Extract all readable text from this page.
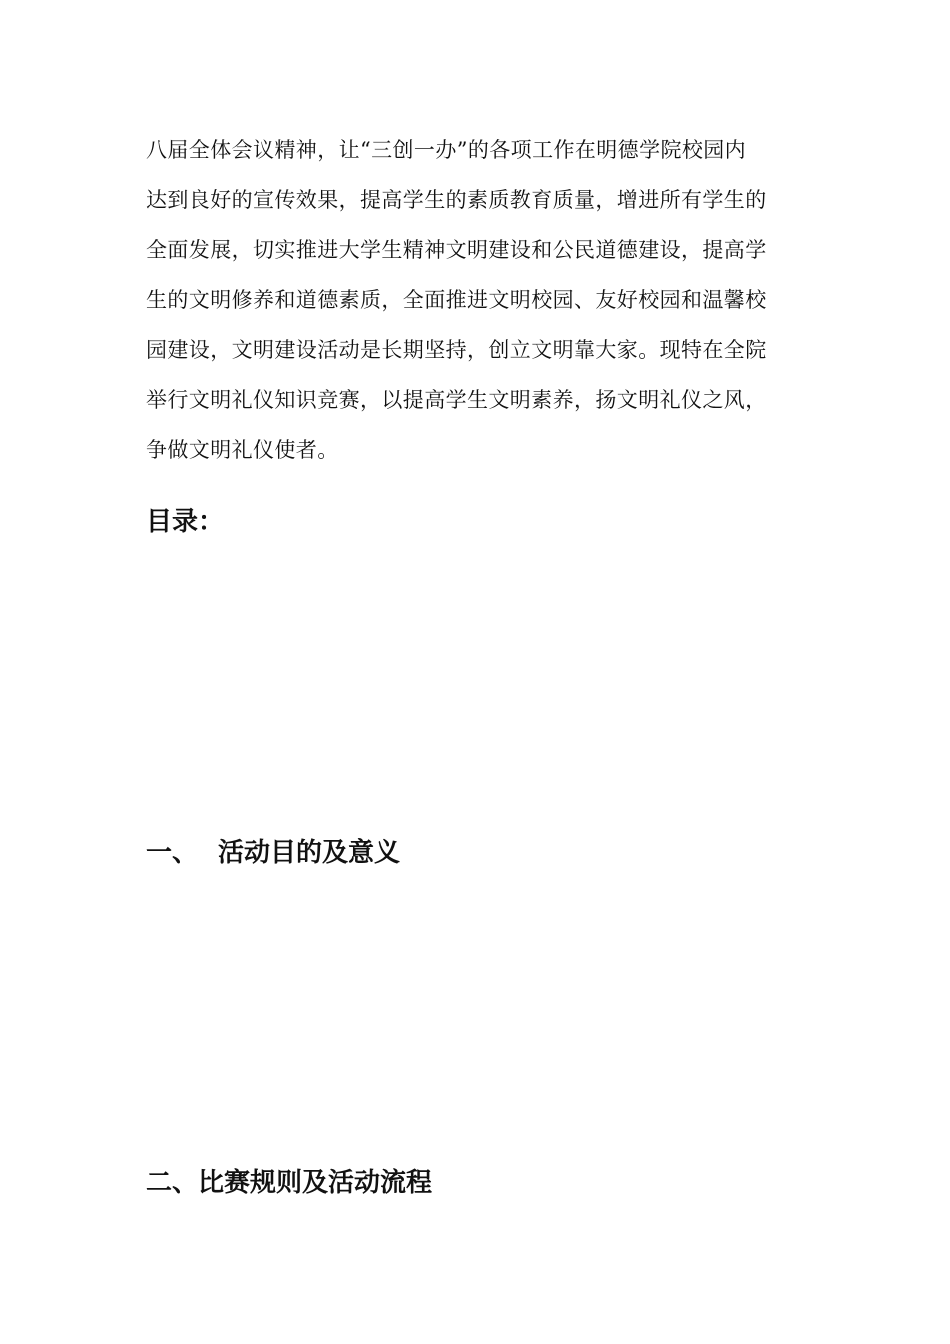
八届全体会议精神，让“三创一办”的各项工作在明德学院校园内
达到良好的宣传效果，提高学生的素质教育质量，增进所有学生的
全面发展，切实推进大学生精神文明建设和公民道德建设，提高学
生的文明修养和道德素质，全面推进文明校园、友好校园和温馨校
园建设，文明建设活动是长期坚持，创立文明靠大家。现特在全院
举行文明礼仪知识竞赛，以提高学生文明素养，扬文明礼仪之风，
争做文明礼仪使者。
目录：
一、 活动目的及意义
二、比赛规则及活动流程
